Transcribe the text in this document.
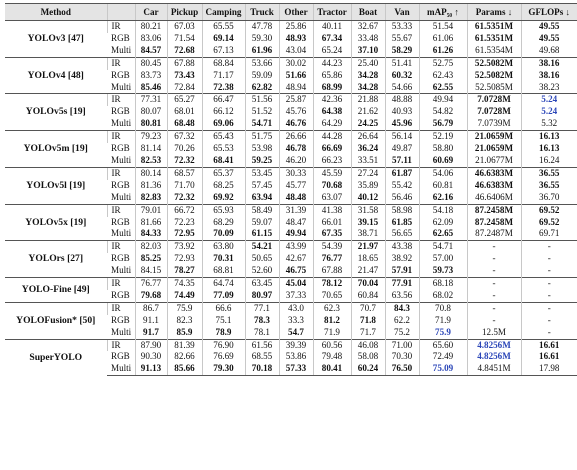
Method		Car	Pickup	Camping	Truck	Other	Tractor	Boat	Van	mAP₅₀ ↑	Params ↓	GFLOPs ↓
YOLOv3 [47]	IR	80.21	67.03	65.55	47.78	25.86	40.11	32.67	53.33	51.54	61.5351M	49.55
	RGB	83.06	71.54	69.14	59.30	48.93	67.34	33.48	55.67	61.06	61.5351M	49.55
	Multi	84.57	72.68	67.13	61.96	43.04	65.24	37.10	58.29	61.26	61.5354M	49.68
YOLOv4 [48]	IR	80.45	67.88	68.84	53.66	30.02	44.23	25.40	51.41	52.75	52.5082M	38.16
	RGB	83.73	73.43	71.17	59.09	51.66	65.86	34.28	60.32	62.43	52.5082M	38.16
	Multi	85.46	72.84	72.38	62.82	48.94	68.99	34.28	54.66	62.55	52.5085M	38.23
YOLOv5s [19]	IR	77.31	65.27	66.47	51.56	25.87	42.36	21.88	48.88	49.94	7.0728M	5.24
	RGB	80.07	68.01	66.12	51.52	45.76	64.38	21.62	40.93	54.82	7.0728M	5.24
	Multi	80.81	68.48	69.06	54.71	46.76	64.29	24.25	45.96	56.79	7.0739M	5.32
YOLOv5m [19]	IR	79.23	67.32	65.43	51.75	26.66	44.28	26.64	56.14	52.19	21.0659M	16.13
	RGB	81.14	70.26	65.53	53.98	46.78	66.69	36.24	49.87	58.80	21.0659M	16.13
	Multi	82.53	72.32	68.41	59.25	46.20	66.23	33.51	57.11	60.69	21.0677M	16.24
YOLOv5l [19]	IR	80.14	68.57	65.37	53.45	30.33	45.59	27.24	61.87	54.06	46.6383M	36.55
	RGB	81.36	71.70	68.25	57.45	45.77	70.68	35.89	55.42	60.81	46.6383M	36.55
	Multi	82.83	72.32	69.92	63.94	48.48	63.07	40.12	56.46	62.16	46.6406M	36.70
YOLOv5x [19]	IR	79.01	66.72	65.93	58.49	31.39	41.38	31.58	58.98	54.18	87.2458M	69.52
	RGB	81.66	72.23	68.29	59.07	48.47	66.01	39.15	61.85	62.09	87.2458M	69.52
	Multi	84.33	72.95	70.09	61.15	49.94	67.35	38.71	56.65	62.65	87.2487M	69.71
YOLOrs [27]	IR	82.03	73.92	63.80	54.21	43.99	54.39	21.97	43.38	54.71	-	-
	RGB	85.25	72.93	70.31	50.65	42.67	76.77	18.65	38.92	57.00	-	-
	Multi	84.15	78.27	68.81	52.60	46.75	67.88	21.47	57.91	59.73	-	-
YOLO-Fine [49]	IR	76.77	74.35	64.74	63.45	45.04	78.12	70.04	77.91	68.18	-	-
	RGB	79.68	74.49	77.09	80.97	37.33	70.65	60.84	63.56	68.02	-	-
YOLOFusion* [50]	IR	86.7	75.9	66.6	77.1	43.0	62.3	70.7	84.3	70.8	-	-
	RGB	91.1	82.3	75.1	78.3	33.3	81.2	71.8	62.2	71.9	-	-
	Multi	91.7	85.9	78.9	78.1	54.7	71.9	71.7	75.2	75.9	12.5M	-
SuperYOLO	IR	87.90	81.39	76.90	61.56	39.39	60.56	46.08	71.00	65.60	4.8256M	16.61
	RGB	90.30	82.66	76.69	68.55	53.86	79.48	58.08	70.30	72.49	4.8256M	16.61
	Multi	91.13	85.66	79.30	70.18	57.33	80.41	60.24	76.50	75.09	4.8451M	17.98
